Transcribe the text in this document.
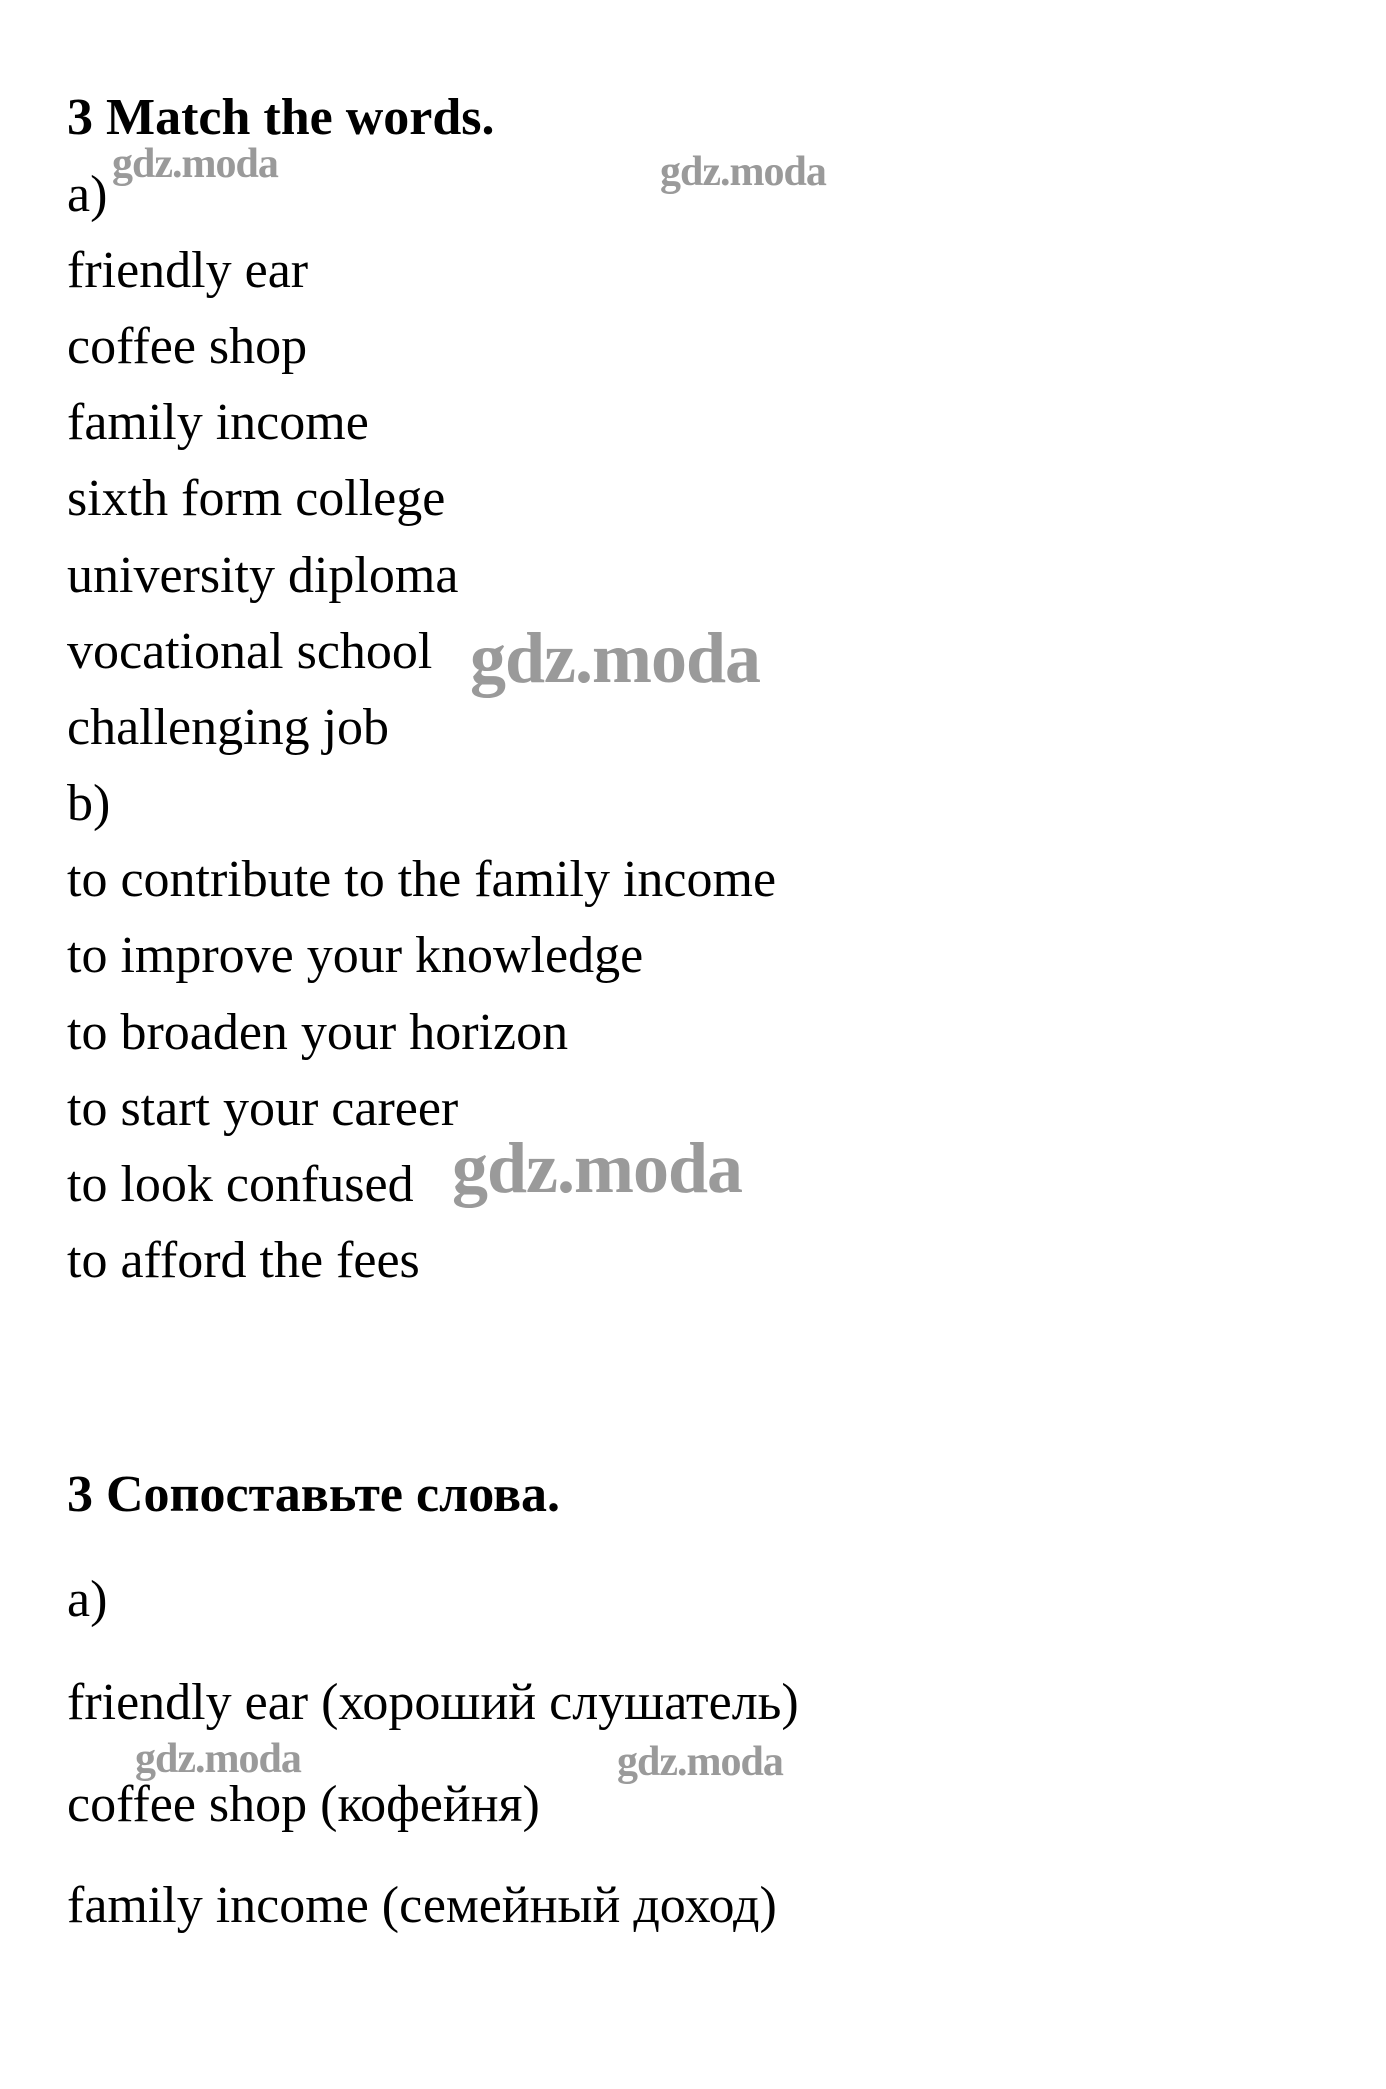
3 Match the words.
a)
friendly ear
coffee shop
family income
sixth form college
university diploma
vocational school
challenging job
b)
to contribute to the family income
to improve your knowledge
to broaden your horizon
to start your career
to look confused
to afford the fees
3 Сопоставьте слова.
a)
friendly ear (хороший слушатель)
coffee shop (кофейня)
family income (семейный доход)
gdz.moda	gdz.moda
gdz.moda
gdz.moda
gdz.moda	gdz.moda
